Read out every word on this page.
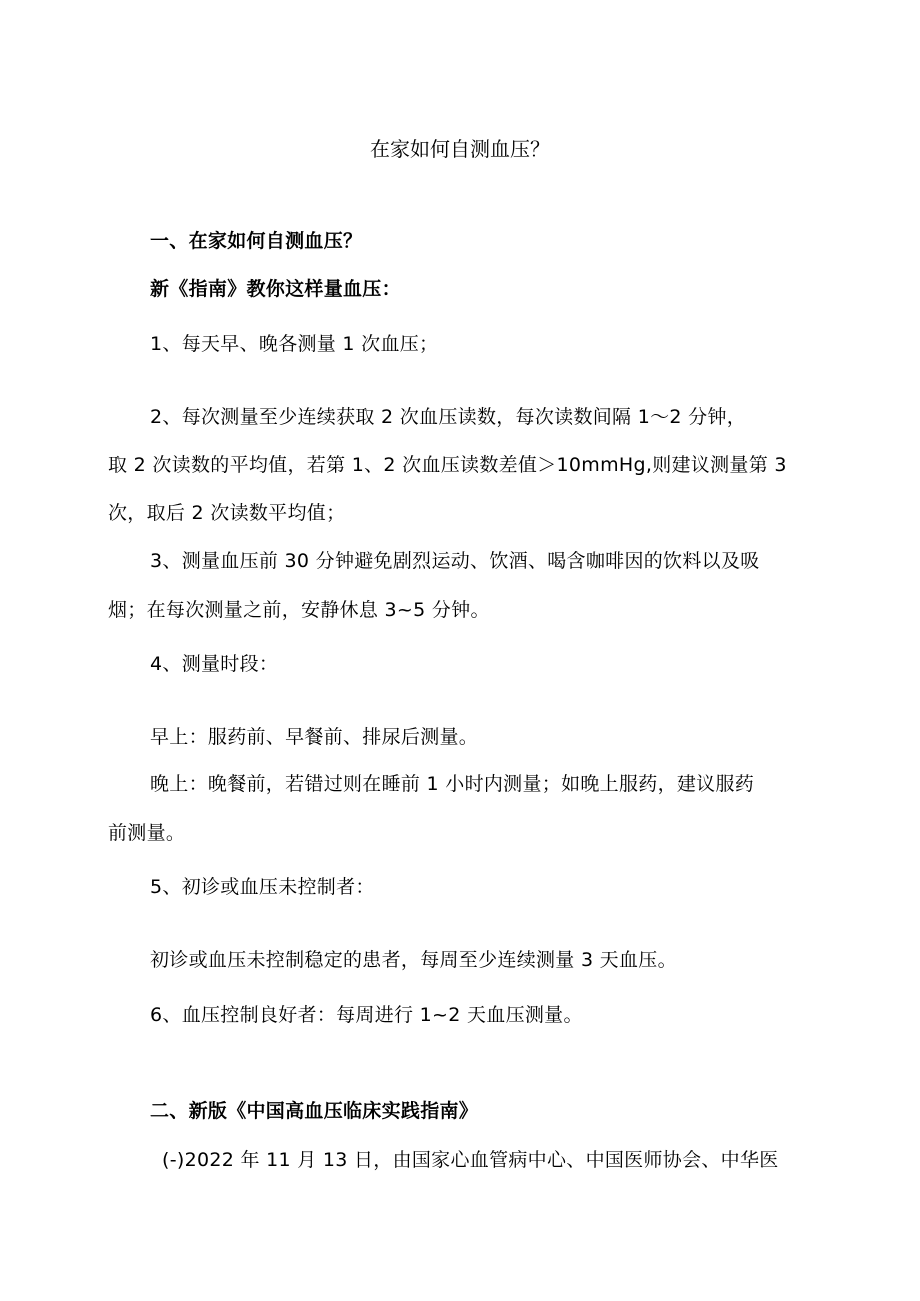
在家如何自测血压？
一、在家如何自测血压？
新《指南》教你这样量血压：
1、每天早、晚各测量 1 次血压；
2、每次测量至少连续获取 2 次血压读数，每次读数间隔 1～2 分钟，
取 2 次读数的平均值，若第 1、2 次血压读数差值＞10mmHg,则建议测量第 3
次，取后 2 次读数平均值；
3、测量血压前 30 分钟避免剧烈运动、饮酒、喝含咖啡因的饮料以及吸
烟；在每次测量之前，安静休息 3~5 分钟。
4、测量时段：
早上：服药前、早餐前、排尿后测量。
晚上：晚餐前，若错过则在睡前 1 小时内测量；如晚上服药，建议服药
前测量。
5、初诊或血压未控制者：
初诊或血压未控制稳定的患者，每周至少连续测量 3 天血压。
6、血压控制良好者：每周进行 1~2 天血压测量。
二、新版《中国高血压临床实践指南》
(-)2022 年 11 月 13 日，由国家心血管病中心、中国医师协会、中华医
